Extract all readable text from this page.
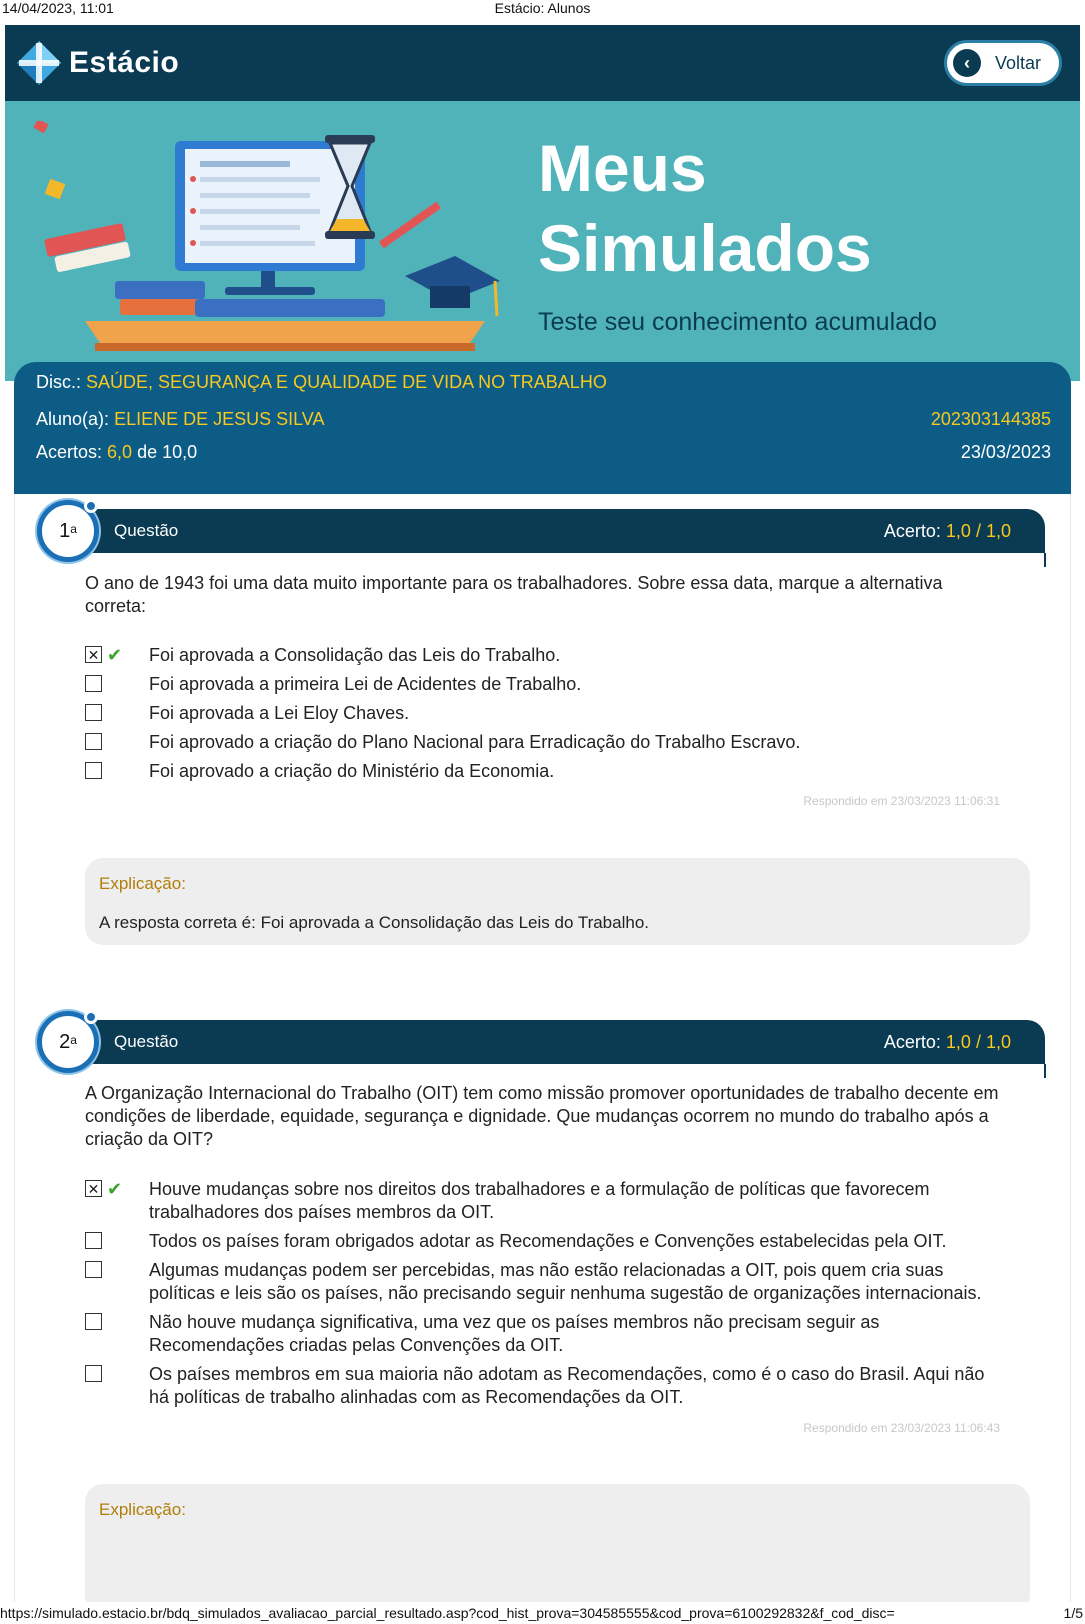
14/04/2023, 11:01	Estácio: Alunos
Estácio	‹	Voltar
Meus
Simulados
Teste seu conhecimento acumulado
Disc.: SAÚDE, SEGURANÇA E QUALIDADE DE VIDA NO TRABALHO
Aluno(a): ELIENE DE JESUS SILVA	202303144385
Acertos: 6,0 de 10,0	23/03/2023
Questão	Acerto: 1,0 / 1,0
1$^a$
O ano de 1943 foi uma data muito importante para os trabalhadores. Sobre essa data, marque a alternativa correta:
✕ ✔ Foi aprovada a Consolidação das Leis do Trabalho.
Foi aprovada a primeira Lei de Acidentes de Trabalho.
Foi aprovada a Lei Eloy Chaves.
Foi aprovado a criação do Plano Nacional para Erradicação do Trabalho Escravo.
Foi aprovado a criação do Ministério da Economia.
Respondido em 23/03/2023 11:06:31
Explicação:
A resposta correta é: Foi aprovada a Consolidação das Leis do Trabalho.
Questão	Acerto: 1,0 / 1,0
2$^a$
A Organização Internacional do Trabalho (OIT) tem como missão promover oportunidades de trabalho decente em condições de liberdade, equidade, segurança e dignidade. Que mudanças ocorrem no mundo do trabalho após a criação da OIT?
✕ ✔ Houve mudanças sobre nos direitos dos trabalhadores e a formulação de políticas que favorecem trabalhadores dos países membros da OIT.
Todos os países foram obrigados adotar as Recomendações e Convenções estabelecidas pela OIT.
Algumas mudanças podem ser percebidas, mas não estão relacionadas a OIT, pois quem cria suas políticas e leis são os países, não precisando seguir nenhuma sugestão de organizações internacionais.
Não houve mudança significativa, uma vez que os países membros não precisam seguir as Recomendações criadas pelas Convenções da OIT.
Os países membros em sua maioria não adotam as Recomendações, como é o caso do Brasil. Aqui não há políticas de trabalho alinhadas com as Recomendações da OIT.
Respondido em 23/03/2023 11:06:43
Explicação:
https://simulado.estacio.br/bdq_simulados_avaliacao_parcial_resultado.asp?cod_hist_prova=304585555&cod_prova=6100292832&f_cod_disc=	1/5
